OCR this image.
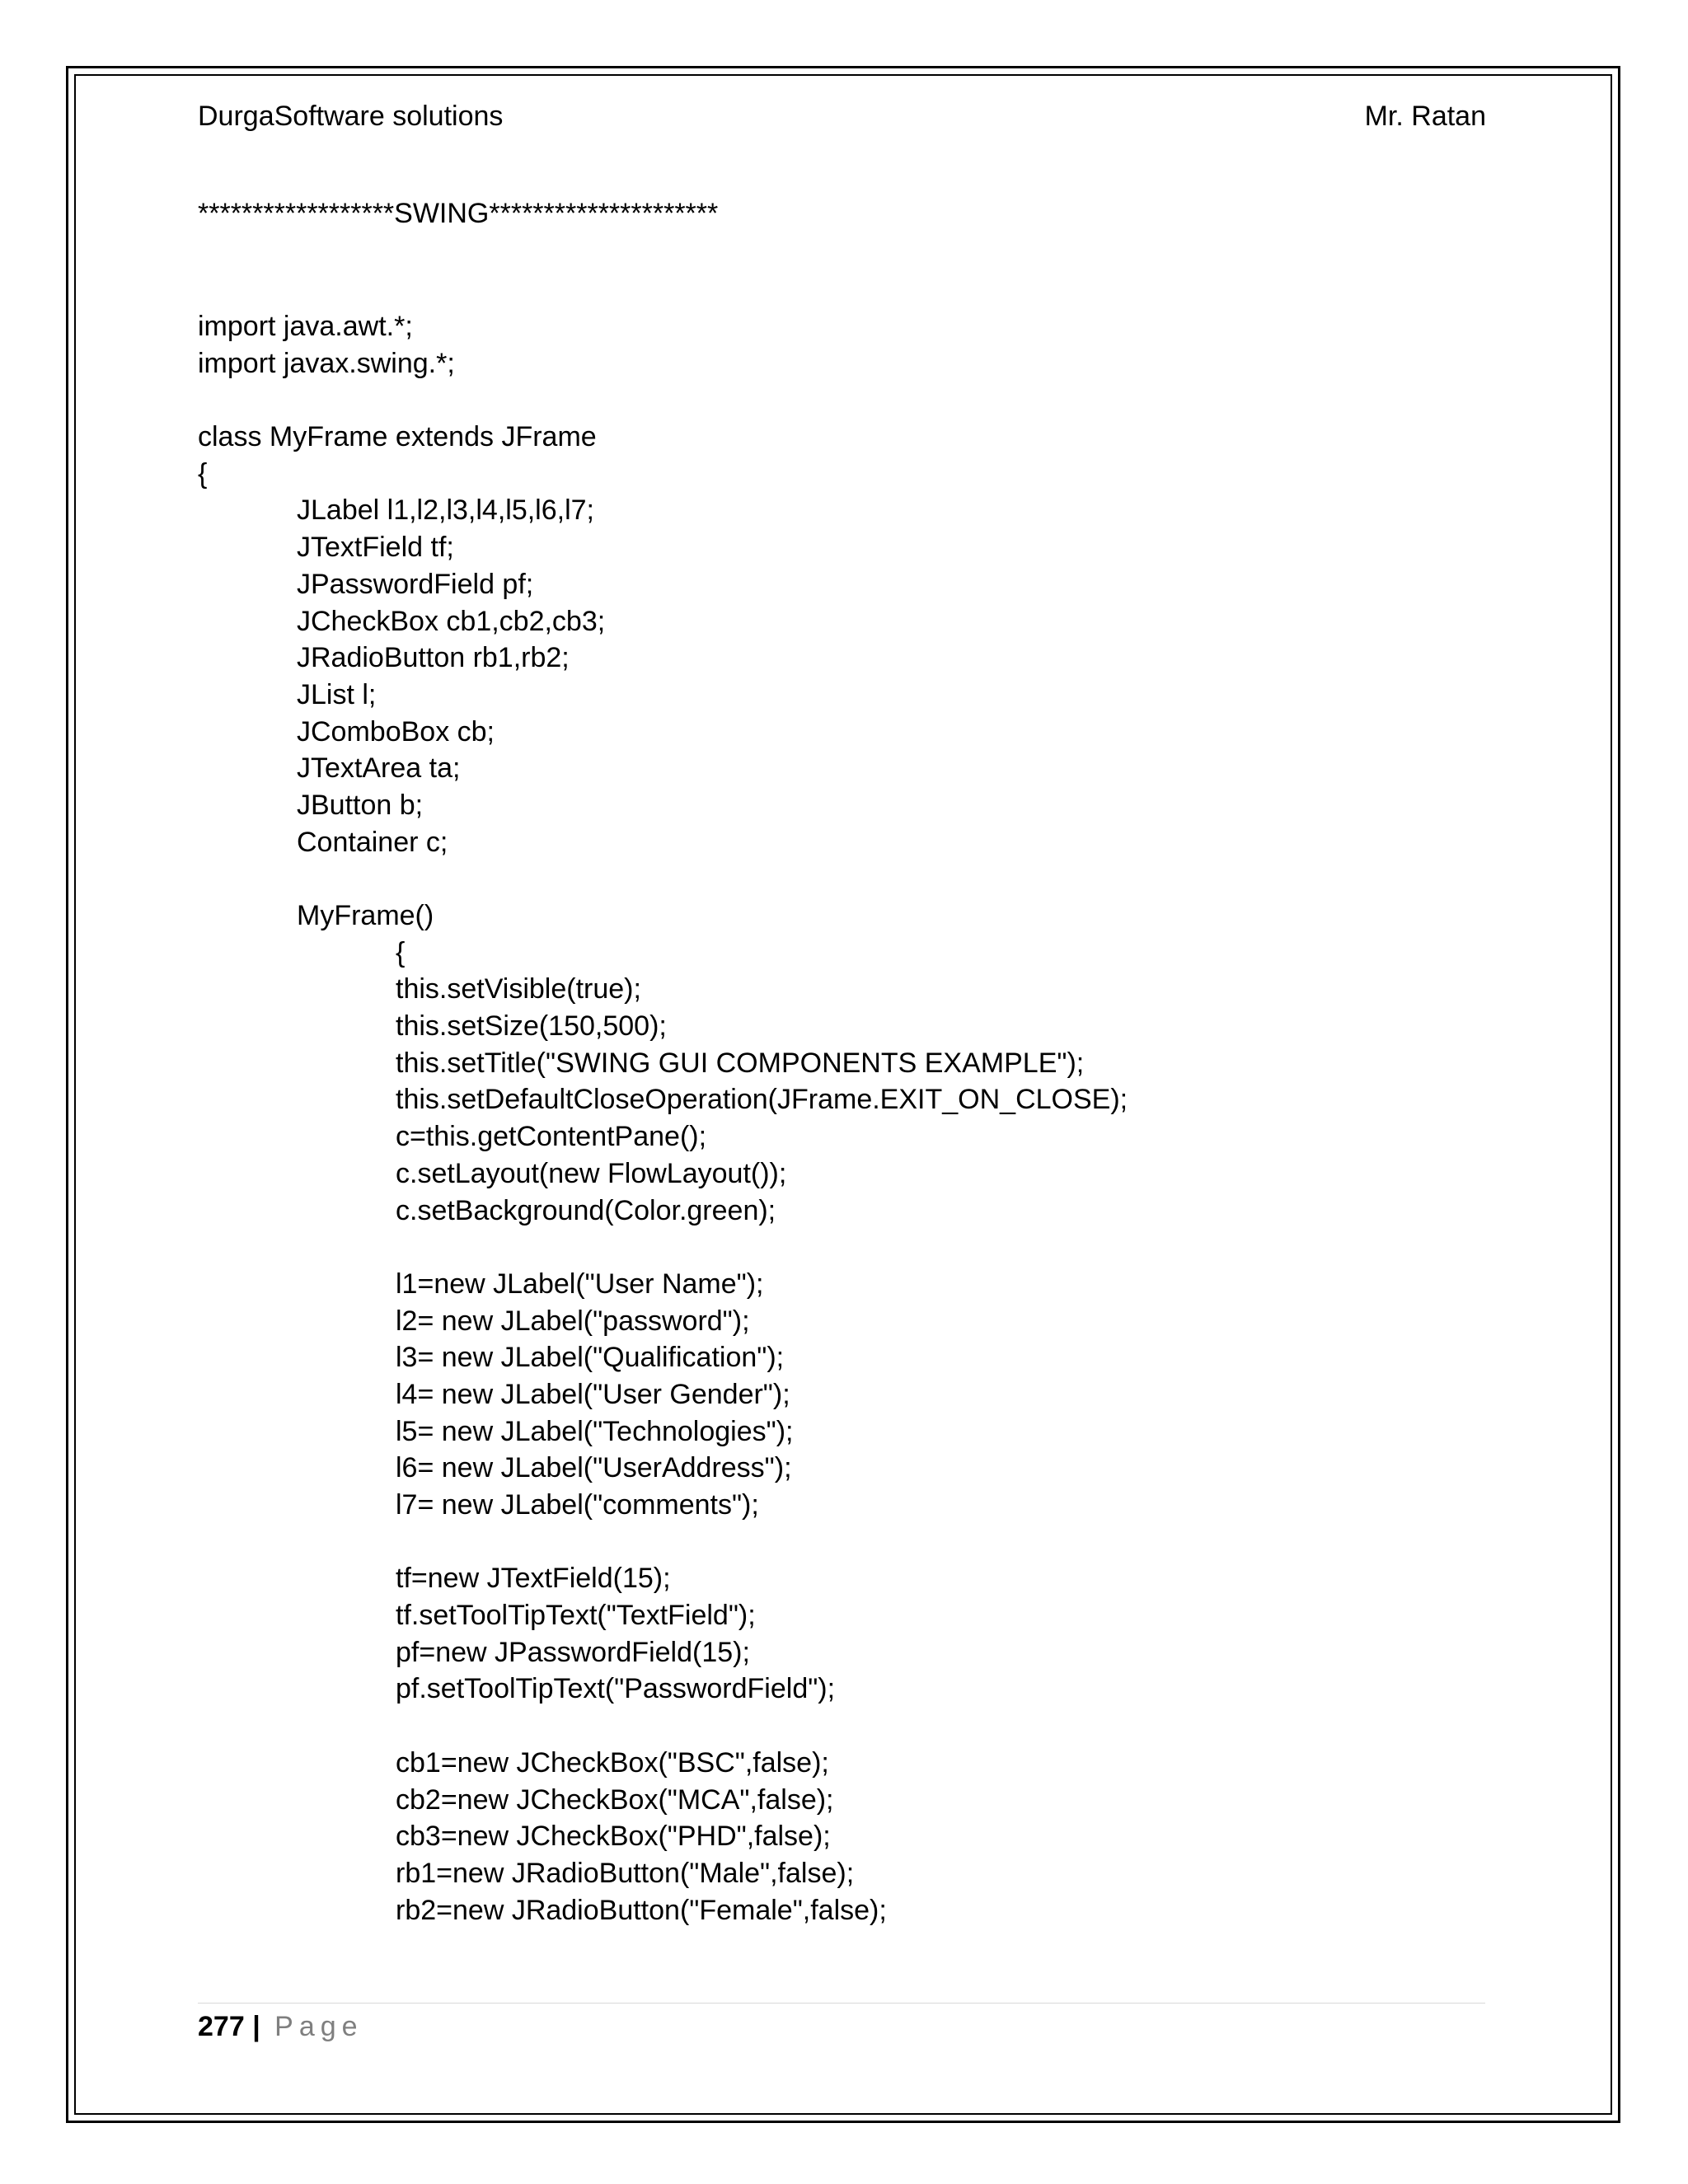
DurgaSoftware solutions	Mr. Ratan
******************SWING*********************
import java.awt.*;
import javax.swing.*;
class MyFrame extends JFrame
{
JLabel l1,l2,l3,l4,l5,l6,l7;
JTextField tf;
JPasswordField pf;
JCheckBox cb1,cb2,cb3;
JRadioButton rb1,rb2;
JList l;
JComboBox cb;
JTextArea ta;
JButton b;
Container c;
MyFrame()
{
this.setVisible(true);
this.setSize(150,500);
this.setTitle("SWING GUI COMPONENTS EXAMPLE");
this.setDefaultCloseOperation(JFrame.EXIT_ON_CLOSE);
c=this.getContentPane();
c.setLayout(new FlowLayout());
c.setBackground(Color.green);
l1=new JLabel("User Name");
l2= new JLabel("password");
l3= new JLabel("Qualification");
l4= new JLabel("User Gender");
l5= new JLabel("Technologies");
l6= new JLabel("UserAddress");
l7= new JLabel("comments");
tf=new JTextField(15);
tf.setToolTipText("TextField");
pf=new JPasswordField(15);
pf.setToolTipText("PasswordField");
cb1=new JCheckBox("BSC",false);
cb2=new JCheckBox("MCA",false);
cb3=new JCheckBox("PHD",false);
rb1=new JRadioButton("Male",false);
rb2=new JRadioButton("Female",false);
277 | Page
